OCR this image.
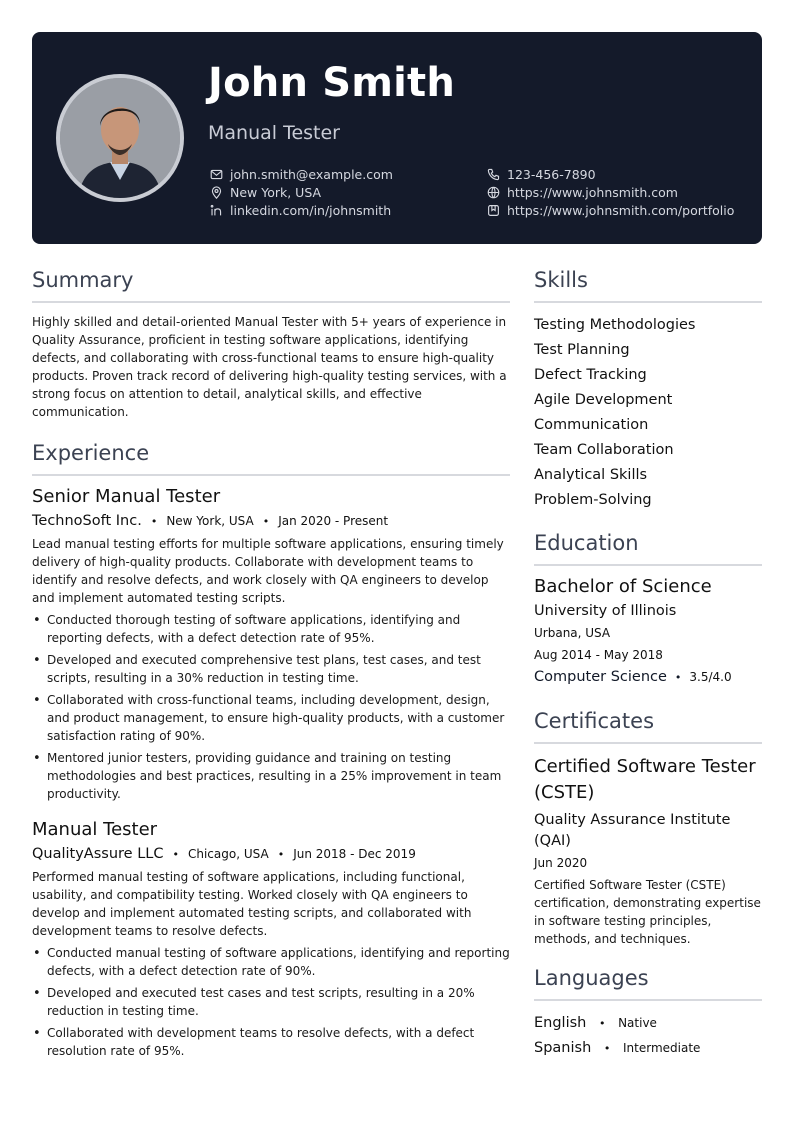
John Smith
Manual Tester
john.smith@example.com
New York, USA
linkedin.com/in/johnsmith
123-456-7890
https://www.johnsmith.com
https://www.johnsmith.com/portfolio
Summary

Highly skilled and detail-oriented Manual Tester with 5+ years of experience in Quality Assurance, proficient in testing software applications, identifying defects, and collaborating with cross-functional teams to ensure high-quality products. Proven track record of delivering high-quality testing services, with a strong focus on attention to detail, analytical skills, and effective communication.

Experience
Senior Manual Tester
TechnoSoft Inc. • New York, USA • Jan 2020 - Present

Lead manual testing efforts for multiple software applications, ensuring timely delivery of high-quality products. Collaborate with development teams to identify and resolve defects, and work closely with QA engineers to develop and implement automated testing scripts.

• Conducted thorough testing of software applications, identifying and reporting defects, with a defect detection rate of 95%.
• Developed and executed comprehensive test plans, test cases, and test scripts, resulting in a 30% reduction in testing time.
• Collaborated with cross-functional teams, including development, design, and product management, to ensure high-quality products, with a customer satisfaction rating of 90%.
• Mentored junior testers, providing guidance and training on testing methodologies and best practices, resulting in a 25% improvement in team productivity.
Manual Tester
QualityAssure LLC • Chicago, USA • Jun 2018 - Dec 2019

Performed manual testing of software applications, including functional, usability, and compatibility testing. Worked closely with QA engineers to develop and implement automated testing scripts, and collaborated with development teams to resolve defects.

• Conducted manual testing of software applications, identifying and reporting defects, with a defect detection rate of 90%.
• Developed and executed test cases and test scripts, resulting in a 20% reduction in testing time.
• Collaborated with development teams to resolve defects, with a defect resolution rate of 95%.
Skills
Testing Methodologies
Test Planning
Defect Tracking
Agile Development
Communication
Team Collaboration
Analytical Skills
Problem-Solving
Education
Bachelor of Science
University of Illinois
Urbana, USA
Aug 2014 - May 2018
Computer Science • 3.5/4.0
Certificates
Certified Software Tester (CSTE)
Quality Assurance Institute (QAI)
Jun 2020

Certified Software Tester (CSTE) certification, demonstrating expertise in software testing principles, methods, and techniques.

Languages
English • Native
Spanish • Intermediate
